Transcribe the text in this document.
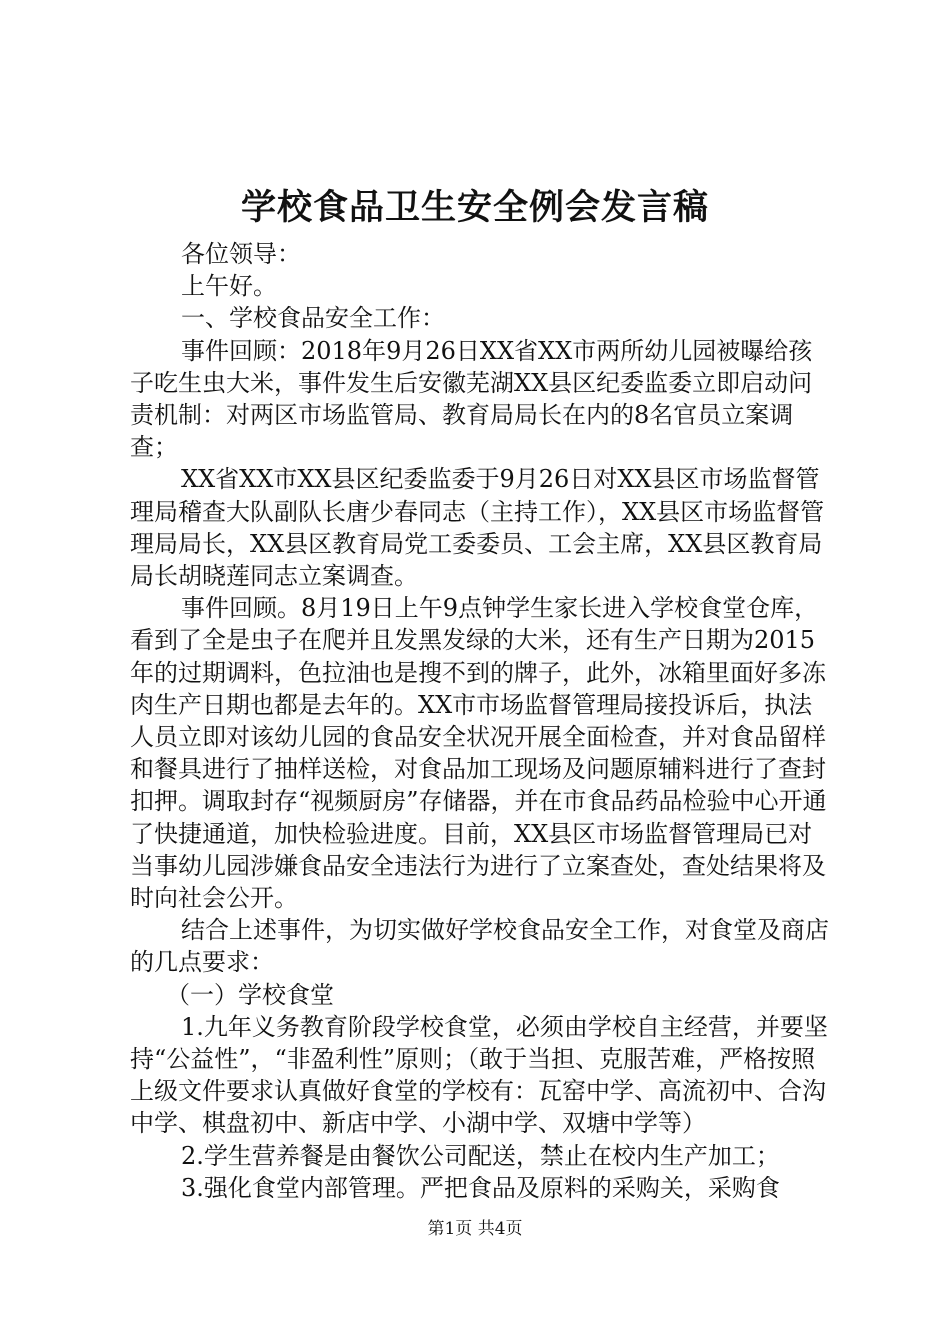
学校食品卫生安全例会发言稿

各位领导：

上午好。

一、学校食品安全工作：

事件回顾：2018年9月26日XX省XX市两所幼儿园被曝给孩子吃生虫大米，事件发生后安徽芜湖XX县区纪委监委立即启动问责机制：对两区市场监管局、教育局局长在内的8名官员立案调查；

XX省XX市XX县区纪委监委于9月26日对XX县区市场监督管理局稽查大队副队长唐少春同志（主持工作），XX县区市场监督管理局局长，XX县区教育局党工委委员、工会主席，XX县区教育局局长胡晓莲同志立案调查。

事件回顾。8月19日上午9点钟学生家长进入学校食堂仓库，看到了全是虫子在爬并且发黑发绿的大米，还有生产日期为2015年的过期调料，色拉油也是搜不到的牌子，此外，冰箱里面好多冻肉生产日期也都是去年的。XX市市场监督管理局接投诉后，执法人员立即对该幼儿园的食品安全状况开展全面检查，并对食品留样和餐具进行了抽样送检，对食品加工现场及问题原辅料进行了查封扣押。调取封存“视频厨房”存储器，并在市食品药品检验中心开通了快捷通道，加快检验进度。目前，XX县区市场监督管理局已对当事幼儿园涉嫌食品安全违法行为进行了立案查处，查处结果将及时向社会公开。

结合上述事件，为切实做好学校食品安全工作，对食堂及商店的几点要求：

（一）学校食堂

1.九年义务教育阶段学校食堂，必须由学校自主经营，并要坚持“公益性”，“非盈利性”原则；（敢于当担、克服苦难，严格按照上级文件要求认真做好食堂的学校有：瓦窑中学、高流初中、合沟中学、棋盘初中、新店中学、小湖中学、双塘中学等）

2.学生营养餐是由餐饮公司配送，禁止在校内生产加工；

3.强化食堂内部管理。严把食品及原料的采购关，采购食

第1页 共4页
